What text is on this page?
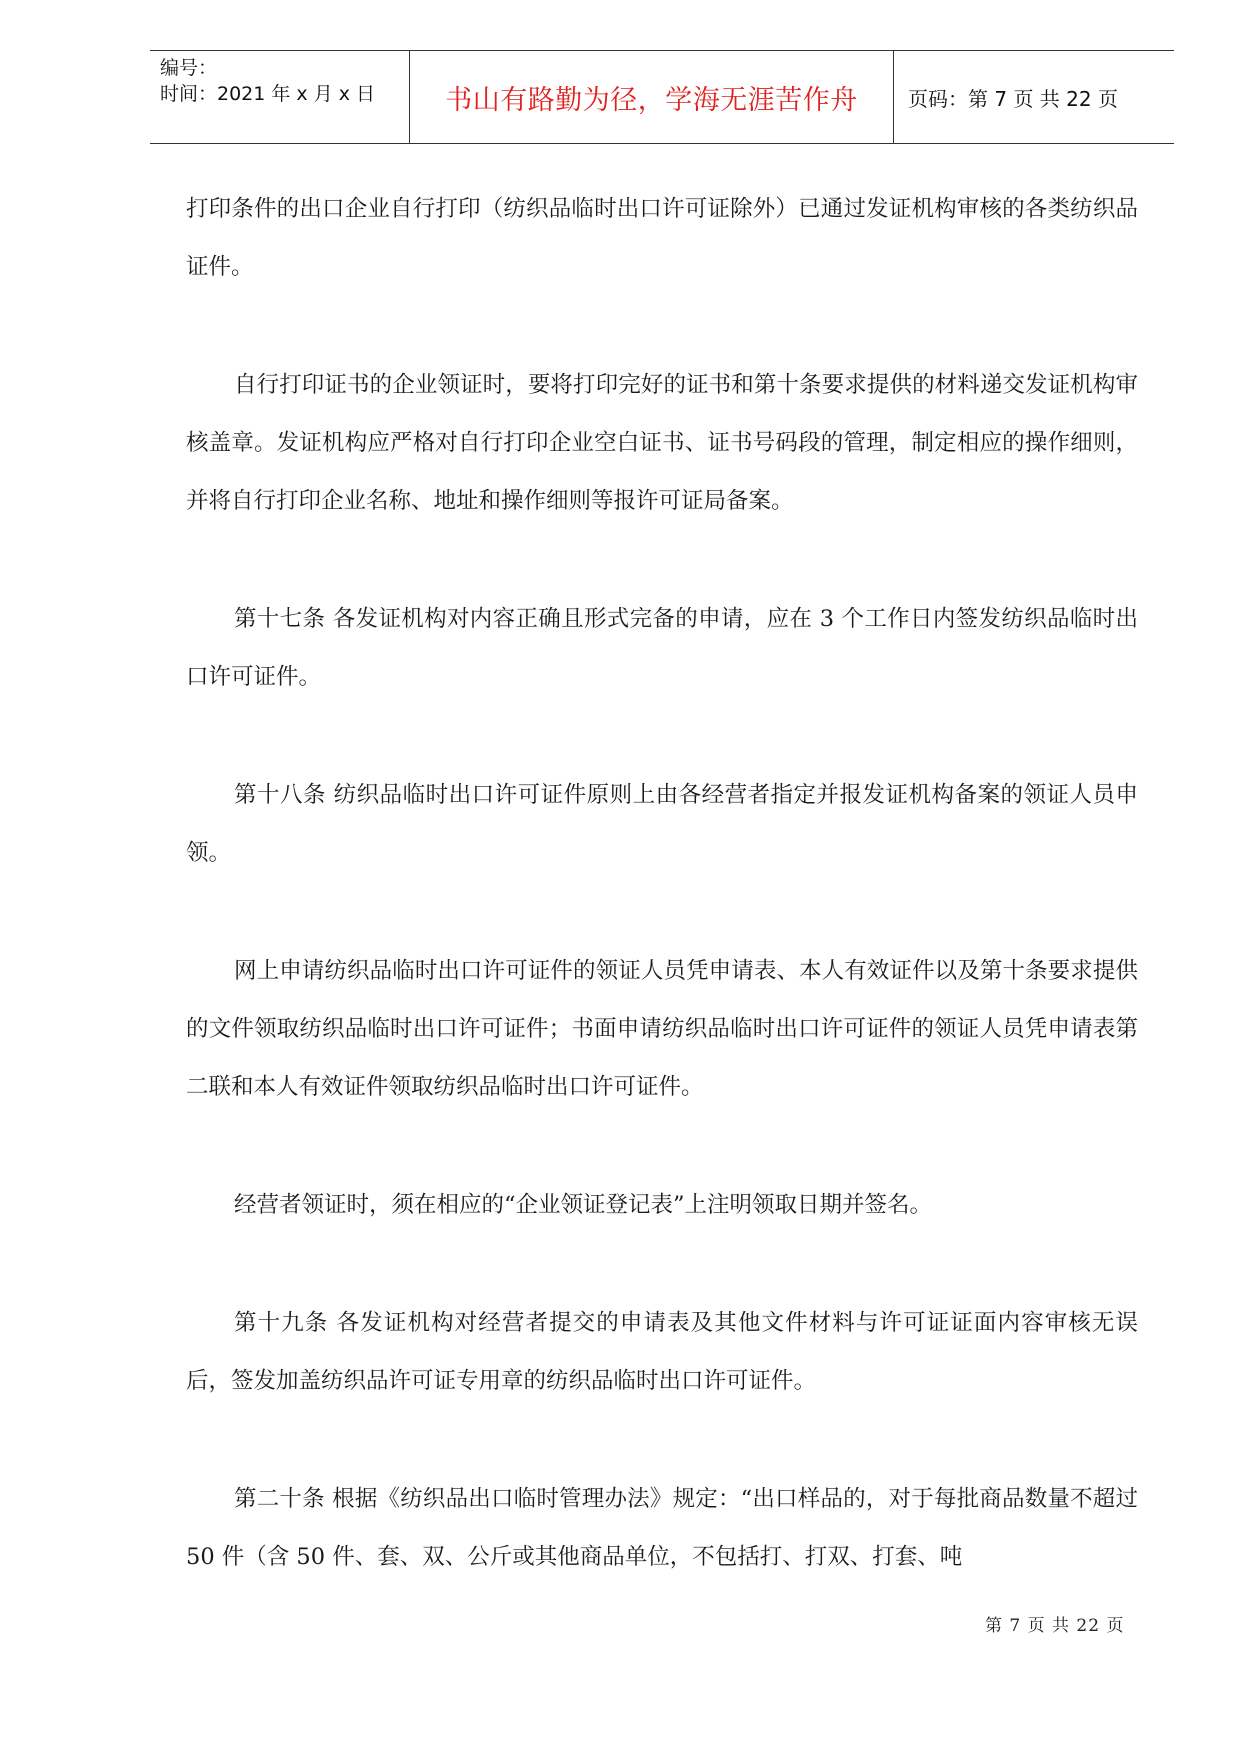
编号：
时间：2021 年 x 月 x 日	书山有路勤为径，学海无涯苦作舟	页码：第 7 页 共 22 页

打印条件的出口企业自行打印（纺织品临时出口许可证除外）已通过发证机构审核的各类纺织品证件。

自行打印证书的企业领证时，要将打印完好的证书和第十条要求提供的材料递交发证机构审核盖章。发证机构应严格对自行打印企业空白证书、证书号码段的管理，制定相应的操作细则，并将自行打印企业名称、地址和操作细则等报许可证局备案。

第十七条 各发证机构对内容正确且形式完备的申请，应在 3 个工作日内签发纺织品临时出口许可证件。

第十八条 纺织品临时出口许可证件原则上由各经营者指定并报发证机构备案的领证人员申领。

网上申请纺织品临时出口许可证件的领证人员凭申请表、本人有效证件以及第十条要求提供的文件领取纺织品临时出口许可证件；书面申请纺织品临时出口许可证件的领证人员凭申请表第二联和本人有效证件领取纺织品临时出口许可证件。

经营者领证时，须在相应的“企业领证登记表”上注明领取日期并签名。

第十九条 各发证机构对经营者提交的申请表及其他文件材料与许可证证面内容审核无误后，签发加盖纺织品许可证专用章的纺织品临时出口许可证件。

第二十条 根据《纺织品出口临时管理办法》规定：“出口样品的，对于每批商品数量不超过 50 件（含 50 件、套、双、公斤或其他商品单位，不包括打、打双、打套、吨

第 7 页 共 22 页
